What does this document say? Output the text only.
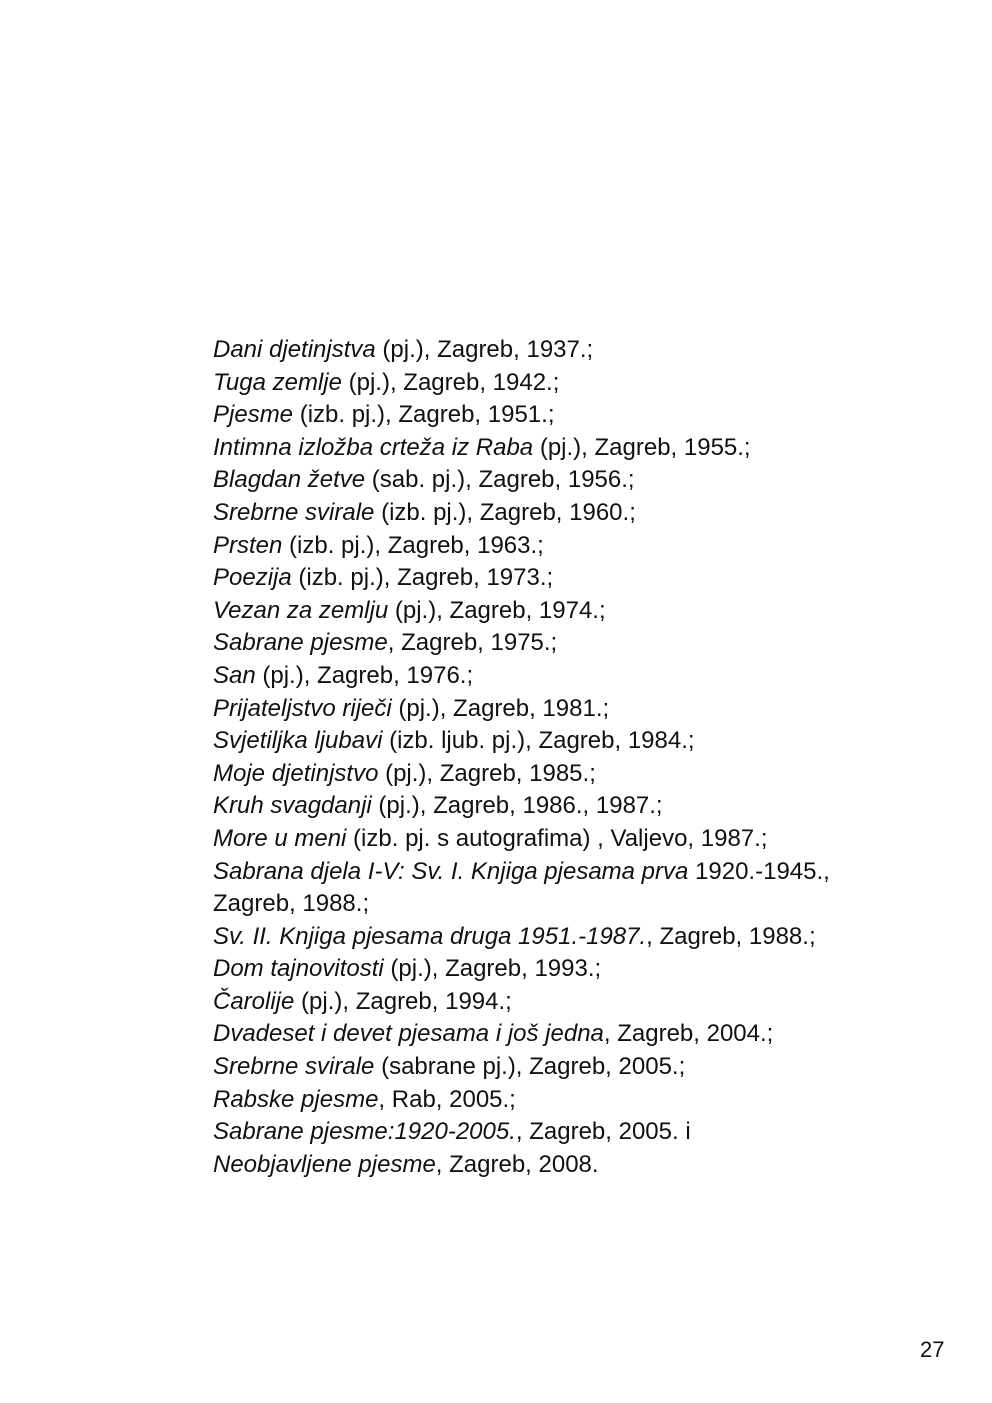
Dani djetinjstva (pj.), Zagreb, 1937.;
Tuga zemlje (pj.), Zagreb, 1942.;
Pjesme (izb. pj.), Zagreb, 1951.;
Intimna izložba crteža iz Raba (pj.), Zagreb, 1955.;
Blagdan žetve (sab. pj.), Zagreb, 1956.;
Srebrne svirale (izb. pj.), Zagreb, 1960.;
Prsten (izb. pj.), Zagreb, 1963.;
Poezija (izb. pj.), Zagreb, 1973.;
Vezan za zemlju (pj.), Zagreb, 1974.;
Sabrane pjesme, Zagreb, 1975.;
San (pj.), Zagreb, 1976.;
Prijateljstvo riječi (pj.), Zagreb, 1981.;
Svjetiljka ljubavi (izb. ljub. pj.), Zagreb, 1984.;
Moje djetinjstvo (pj.), Zagreb, 1985.;
Kruh svagdanji (pj.), Zagreb, 1986., 1987.;
More u meni (izb. pj. s autografima) , Valjevo, 1987.;
Sabrana djela I-V: Sv. I. Knjiga pjesama prva 1920.-1945., Zagreb, 1988.;
Sv. II. Knjiga pjesama druga 1951.-1987., Zagreb, 1988.;
Dom tajnovitosti (pj.), Zagreb, 1993.;
Čarolije (pj.), Zagreb, 1994.;
Dvadeset i devet pjesama i još jedna, Zagreb, 2004.;
Srebrne svirale (sabrane pj.), Zagreb, 2005.;
Rabske pjesme, Rab, 2005.;
Sabrane pjesme:1920-2005., Zagreb, 2005. i
Neobjavljene pjesme, Zagreb, 2008.
27
